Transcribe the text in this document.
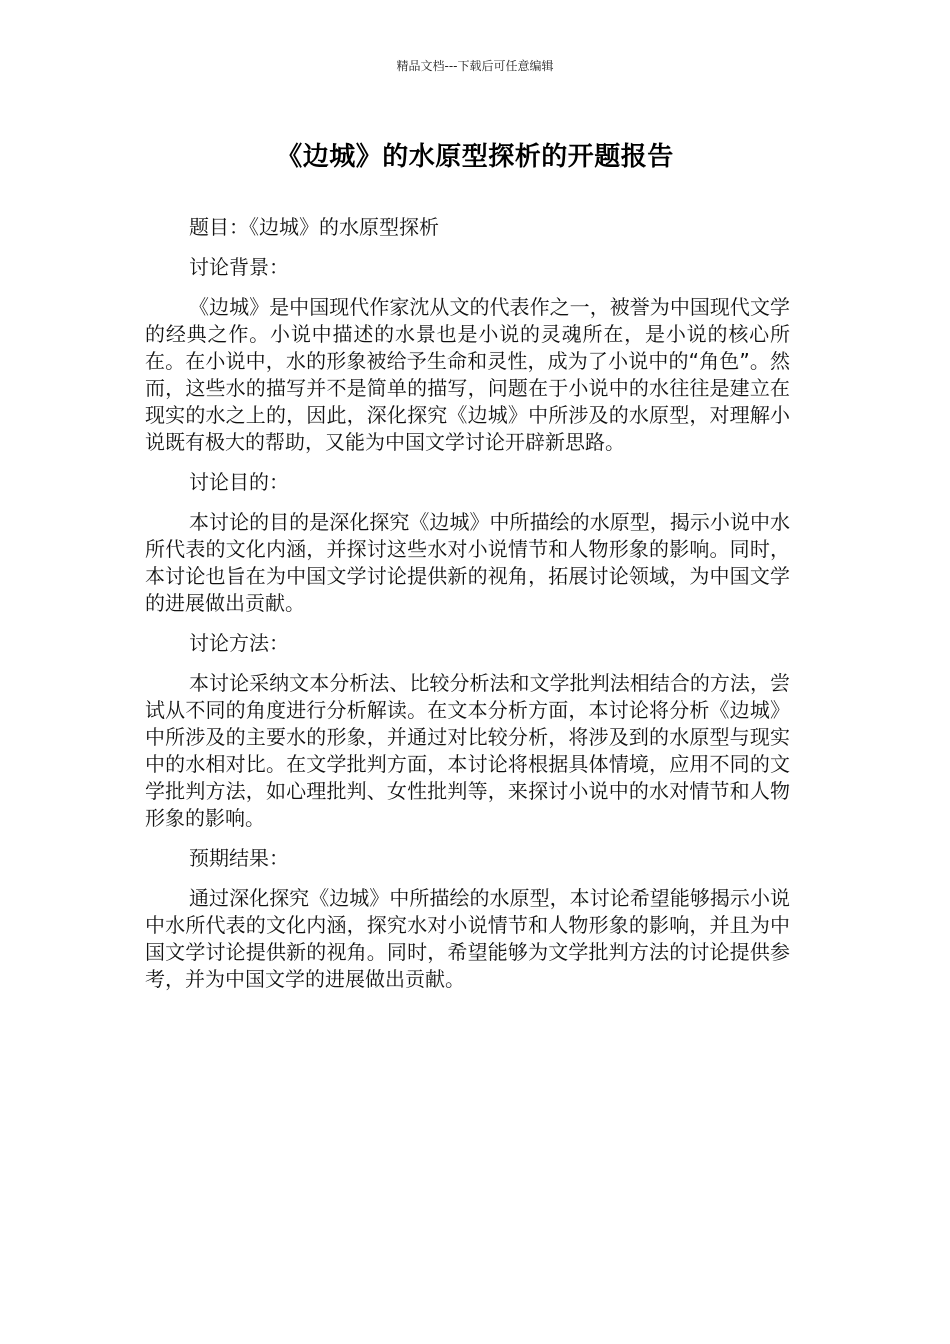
精品文档---下载后可任意编辑
《边城》的水原型探析的开题报告

题目：《边城》的水原型探析

讨论背景：

《边城》是中国现代作家沈从文的代表作之一，被誉为中国现代文学的经典之作。小说中描述的水景也是小说的灵魂所在，是小说的核心所在。在小说中，水的形象被给予生命和灵性，成为了小说中的“角色”。然而，这些水的描写并不是简单的描写，问题在于小说中的水往往是建立在现实的水之上的，因此，深化探究《边城》中所涉及的水原型，对理解小说既有极大的帮助，又能为中国文学讨论开辟新思路。

讨论目的：

本讨论的目的是深化探究《边城》中所描绘的水原型，揭示小说中水所代表的文化内涵，并探讨这些水对小说情节和人物形象的影响。同时，本讨论也旨在为中国文学讨论提供新的视角，拓展讨论领域，为中国文学的进展做出贡献。

讨论方法：

本讨论采纳文本分析法、比较分析法和文学批判法相结合的方法，尝试从不同的角度进行分析解读。在文本分析方面，本讨论将分析《边城》中所涉及的主要水的形象，并通过对比较分析，将涉及到的水原型与现实中的水相对比。在文学批判方面，本讨论将根据具体情境，应用不同的文学批判方法，如心理批判、女性批判等，来探讨小说中的水对情节和人物形象的影响。

预期结果：

通过深化探究《边城》中所描绘的水原型，本讨论希望能够揭示小说中水所代表的文化内涵，探究水对小说情节和人物形象的影响，并且为中国文学讨论提供新的视角。同时，希望能够为文学批判方法的讨论提供参考，并为中国文学的进展做出贡献。
